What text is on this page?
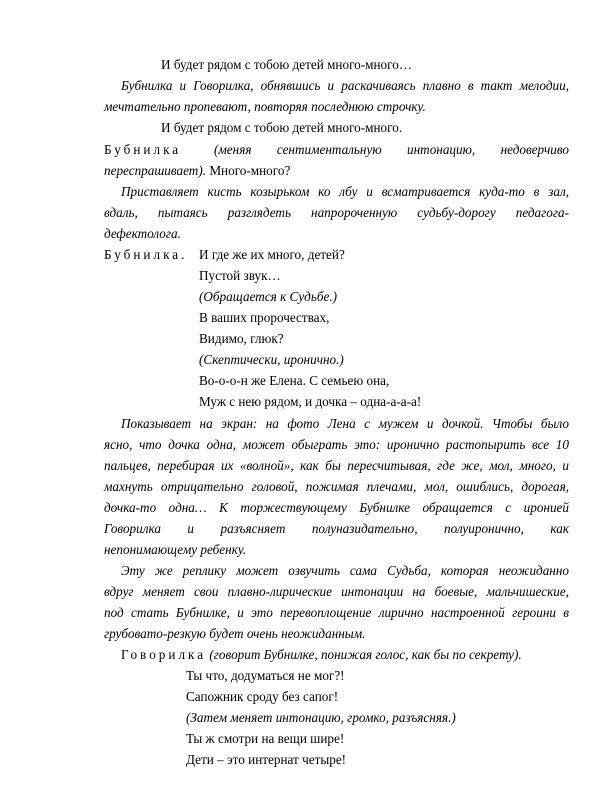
И будет рядом с тобою детей много-много…
Бубнилка и Говорилка, обнявшись и раскачиваясь плавно в такт мелодии,
мечтательно пропевают, повторяя последнюю строчку.
И будет рядом с тобою детей много-много.
Бубнилка (меняя сентиментальную интонацию, недоверчиво
переспрашивает). Много-много?
Приставляет кисть козырьком ко лбу и всматривается куда-то в зал,
вдаль, пытаясь разглядеть напророченную судьбу-дорогу педагога-
дефектолога.
Бубнилка. И где же их много, детей?
Пустой звук…
(Обращается к Судьбе.)
В ваших пророчествах,
Видимо, глюк?
(Скептически, иронично.)
Во-о-о-н же Елена. С семьею она,
Муж с нею рядом, и дочка – одна-а-а-а!
Показывает на экран: на фото Лена с мужем и дочкой. Чтобы было
ясно, что дочка одна, может обыграть это: иронично растопырить все 10
пальцев, перебирая их «волной», как бы пересчитывая, где же, мол, много, и
махнуть отрицательно головой, пожимая плечами, мол, ошиблись, дорогая,
дочка-то одна… К торжествующему Бубнилке обращается с иронией
Говорилка и разъясняет полуназидательно, полуиронично, как
непонимающему ребенку.
Эту же реплику может озвучить сама Судьба, которая неожиданно
вдруг меняет свои плавно-лирические интонации на боевые, мальчишеские,
под стать Бубнилке, и это перевоплощение лирично настроенной героини в
грубовато-резкую будет очень неожиданным.
Говорилка (говорит Бубнилке, понижая голос, как бы по секрету).
Ты что, додуматься не мог?!
Сапожник сроду без сапог!
(Затем меняет интонацию, громко, разъясняя.)
Ты ж смотри на вещи шире!
Дети – это интернат четыре!
